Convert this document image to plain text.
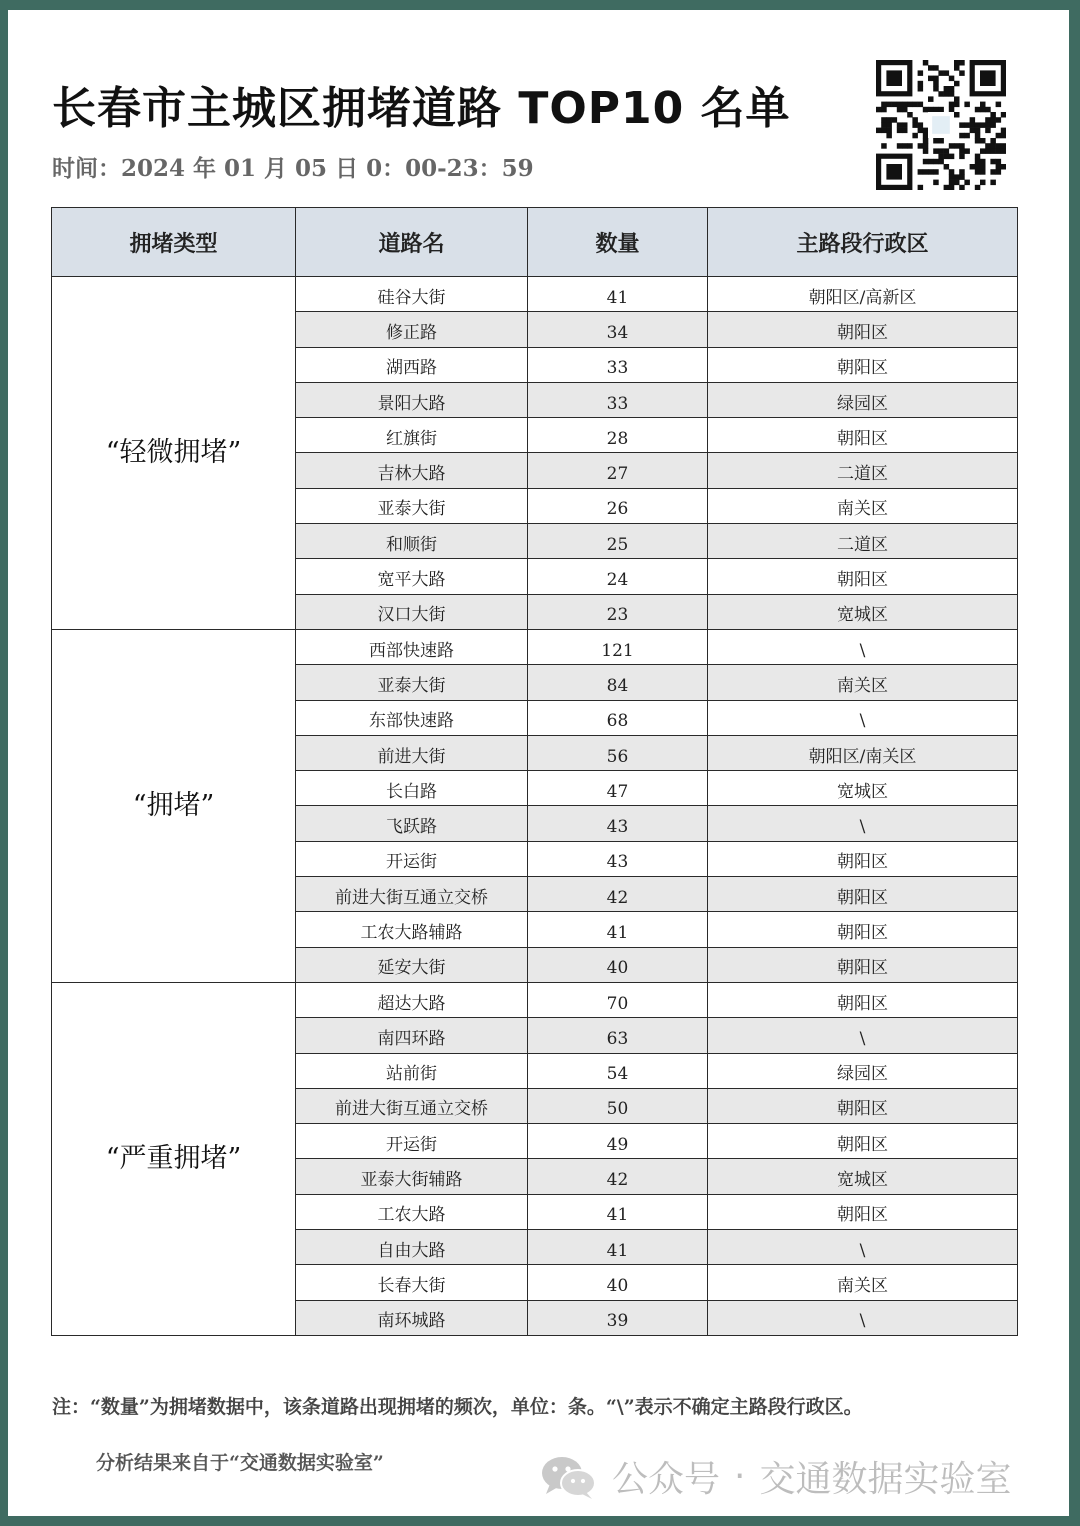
长春市主城区拥堵道路 TOP10 名单
时间：2024 年 01 月 05 日 0：00-23：59
拥堵类型	道路名	数量	主路段行政区
“轻微拥堵”	硅谷大街	41	朝阳区/高新区
	修正路	34	朝阳区
	湖西路	33	朝阳区
	景阳大路	33	绿园区
	红旗街	28	朝阳区
	吉林大路	27	二道区
	亚泰大街	26	南关区
	和顺街	25	二道区
	宽平大路	24	朝阳区
	汉口大街	23	宽城区
“拥堵”	西部快速路	121	\
	亚泰大街	84	南关区
	东部快速路	68	\
	前进大街	56	朝阳区/南关区
	长白路	47	宽城区
	飞跃路	43	\
	开运街	43	朝阳区
	前进大街互通立交桥	42	朝阳区
	工农大路辅路	41	朝阳区
	延安大街	40	朝阳区
“严重拥堵”	超达大路	70	朝阳区
	南四环路	63	\
	站前街	54	绿园区
	前进大街互通立交桥	50	朝阳区
	开运街	49	朝阳区
	亚泰大街辅路	42	宽城区
	工农大路	41	朝阳区
	自由大路	41	\
	长春大街	40	南关区
	南环城路	39	\
注：“数量”为拥堵数据中，该条道路出现拥堵的频次，单位：条。“\”表示不确定主路段行政区。
分析结果来自于“交通数据实验室”	公众号 · 交通数据实验室
